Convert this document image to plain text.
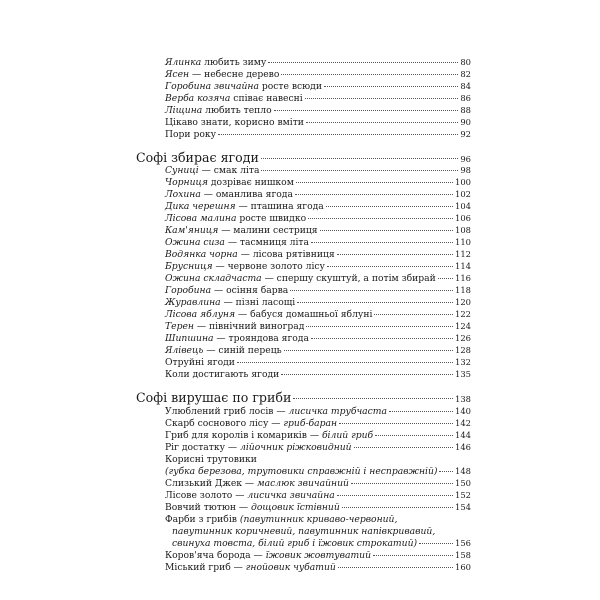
Ялинка любить зиму	80
Ясен — небесне дерево	82
Горобина звичайна росте всюди	84
Верба козяча співає навесні	86
Ліщина любить тепло	88
Цікаво знати, корисно вміти	90
Пори року	92
Софі збирає ягоди	96
Суниці — смак літа	98
Чорниця дозріває нишком	100
Лохина — оманлива ягода	102
Дика черешня — пташина ягода	104
Лісова малина росте швидко	106
Кам'яниця — малини сестриця	108
Ожина сиза — тасмниця літа	110
Водянка чорна — лісова рятівниця	112
Брусниця — червоне золото лісу	114
Ожина складчаста — спершу скуштуй, а потім збирай 116
Горобина — осіння барва	118
Журавлина — пізні ласощі	120
Лісова яблуня — бабуся домашньої яблуні	122
Терен — північний виноград	124
Шипшина — трояндова ягода	126
Ялівець — синій перець	128
Отруйні ягоди	132
Коли достигають ягоди	135
Софі вирушає по гриби	138
Улюблений гриб лосів — лисичка трубчаста	140
Скарб соснового лісу — гриб-баран	142
Гриб для королів і комариків — білий гриб	144
Ріг достатку — лійочник ріжковидний	146
Корисні трутовики
(губка березова, трутовики справжній і несправжній) 148
Слизький Джек — маслюк звичайний	150
Лісове золото — лисичка звичайна	152
Вовчий тютюн — дощовик їстівний	154
Фарби з грибів (павутинник криваво-червоний,
павутинник коричневий, павутинник напівкривавий,
свинуха товста, білий гриб і їжовик строкатий)	156
Коров'яча борода — їжовик жовтуватий	158
Міський гриб — гнойовик чубатий	160
